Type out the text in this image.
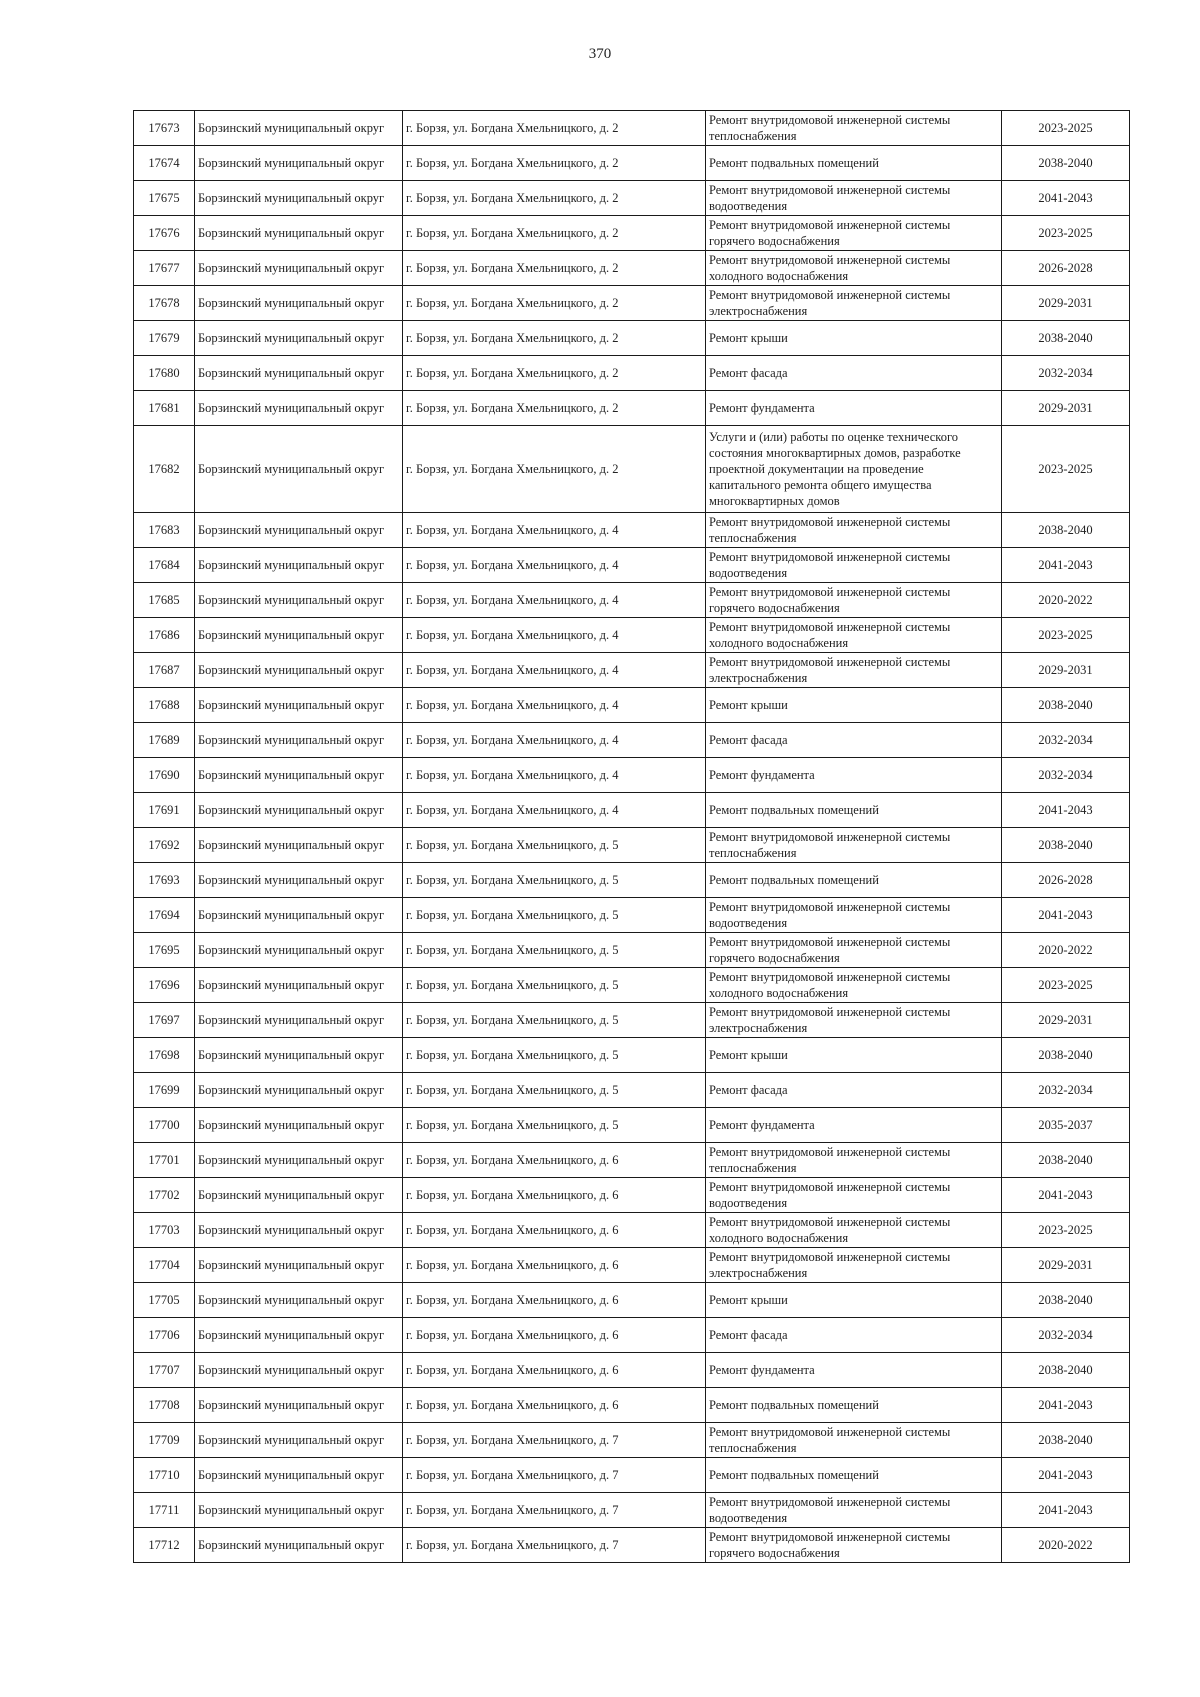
370
17673	Борзинский муниципальный округ	г. Борзя, ул. Богдана Хмельницкого, д. 2	Ремонт внутридомовой инженерной системы теплоснабжения	2023-2025
17674	Борзинский муниципальный округ	г. Борзя, ул. Богдана Хмельницкого, д. 2	Ремонт подвальных помещений	2038-2040
17675	Борзинский муниципальный округ	г. Борзя, ул. Богдана Хмельницкого, д. 2	Ремонт внутридомовой инженерной системы водоотведения	2041-2043
17676	Борзинский муниципальный округ	г. Борзя, ул. Богдана Хмельницкого, д. 2	Ремонт внутридомовой инженерной системы горячего водоснабжения	2023-2025
17677	Борзинский муниципальный округ	г. Борзя, ул. Богдана Хмельницкого, д. 2	Ремонт внутридомовой инженерной системы холодного водоснабжения	2026-2028
17678	Борзинский муниципальный округ	г. Борзя, ул. Богдана Хмельницкого, д. 2	Ремонт внутридомовой инженерной системы электроснабжения	2029-2031
17679	Борзинский муниципальный округ	г. Борзя, ул. Богдана Хмельницкого, д. 2	Ремонт крыши	2038-2040
17680	Борзинский муниципальный округ	г. Борзя, ул. Богдана Хмельницкого, д. 2	Ремонт фасада	2032-2034
17681	Борзинский муниципальный округ	г. Борзя, ул. Богдана Хмельницкого, д. 2	Ремонт фундамента	2029-2031
17682	Борзинский муниципальный округ	г. Борзя, ул. Богдана Хмельницкого, д. 2	Услуги и (или) работы по оценке технического состояния многоквартирных домов, разработке проектной документации на проведение капитального ремонта общего имущества многоквартирных домов	2023-2025
17683	Борзинский муниципальный округ	г. Борзя, ул. Богдана Хмельницкого, д. 4	Ремонт внутридомовой инженерной системы теплоснабжения	2038-2040
17684	Борзинский муниципальный округ	г. Борзя, ул. Богдана Хмельницкого, д. 4	Ремонт внутридомовой инженерной системы водоотведения	2041-2043
17685	Борзинский муниципальный округ	г. Борзя, ул. Богдана Хмельницкого, д. 4	Ремонт внутридомовой инженерной системы горячего водоснабжения	2020-2022
17686	Борзинский муниципальный округ	г. Борзя, ул. Богдана Хмельницкого, д. 4	Ремонт внутридомовой инженерной системы холодного водоснабжения	2023-2025
17687	Борзинский муниципальный округ	г. Борзя, ул. Богдана Хмельницкого, д. 4	Ремонт внутридомовой инженерной системы электроснабжения	2029-2031
17688	Борзинский муниципальный округ	г. Борзя, ул. Богдана Хмельницкого, д. 4	Ремонт крыши	2038-2040
17689	Борзинский муниципальный округ	г. Борзя, ул. Богдана Хмельницкого, д. 4	Ремонт фасада	2032-2034
17690	Борзинский муниципальный округ	г. Борзя, ул. Богдана Хмельницкого, д. 4	Ремонт фундамента	2032-2034
17691	Борзинский муниципальный округ	г. Борзя, ул. Богдана Хмельницкого, д. 4	Ремонт подвальных помещений	2041-2043
17692	Борзинский муниципальный округ	г. Борзя, ул. Богдана Хмельницкого, д. 5	Ремонт внутридомовой инженерной системы теплоснабжения	2038-2040
17693	Борзинский муниципальный округ	г. Борзя, ул. Богдана Хмельницкого, д. 5	Ремонт подвальных помещений	2026-2028
17694	Борзинский муниципальный округ	г. Борзя, ул. Богдана Хмельницкого, д. 5	Ремонт внутридомовой инженерной системы водоотведения	2041-2043
17695	Борзинский муниципальный округ	г. Борзя, ул. Богдана Хмельницкого, д. 5	Ремонт внутридомовой инженерной системы горячего водоснабжения	2020-2022
17696	Борзинский муниципальный округ	г. Борзя, ул. Богдана Хмельницкого, д. 5	Ремонт внутридомовой инженерной системы холодного водоснабжения	2023-2025
17697	Борзинский муниципальный округ	г. Борзя, ул. Богдана Хмельницкого, д. 5	Ремонт внутридомовой инженерной системы электроснабжения	2029-2031
17698	Борзинский муниципальный округ	г. Борзя, ул. Богдана Хмельницкого, д. 5	Ремонт крыши	2038-2040
17699	Борзинский муниципальный округ	г. Борзя, ул. Богдана Хмельницкого, д. 5	Ремонт фасада	2032-2034
17700	Борзинский муниципальный округ	г. Борзя, ул. Богдана Хмельницкого, д. 5	Ремонт фундамента	2035-2037
17701	Борзинский муниципальный округ	г. Борзя, ул. Богдана Хмельницкого, д. 6	Ремонт внутридомовой инженерной системы теплоснабжения	2038-2040
17702	Борзинский муниципальный округ	г. Борзя, ул. Богдана Хмельницкого, д. 6	Ремонт внутридомовой инженерной системы водоотведения	2041-2043
17703	Борзинский муниципальный округ	г. Борзя, ул. Богдана Хмельницкого, д. 6	Ремонт внутридомовой инженерной системы холодного водоснабжения	2023-2025
17704	Борзинский муниципальный округ	г. Борзя, ул. Богдана Хмельницкого, д. 6	Ремонт внутридомовой инженерной системы электроснабжения	2029-2031
17705	Борзинский муниципальный округ	г. Борзя, ул. Богдана Хмельницкого, д. 6	Ремонт крыши	2038-2040
17706	Борзинский муниципальный округ	г. Борзя, ул. Богдана Хмельницкого, д. 6	Ремонт фасада	2032-2034
17707	Борзинский муниципальный округ	г. Борзя, ул. Богдана Хмельницкого, д. 6	Ремонт фундамента	2038-2040
17708	Борзинский муниципальный округ	г. Борзя, ул. Богдана Хмельницкого, д. 6	Ремонт подвальных помещений	2041-2043
17709	Борзинский муниципальный округ	г. Борзя, ул. Богдана Хмельницкого, д. 7	Ремонт внутридомовой инженерной системы теплоснабжения	2038-2040
17710	Борзинский муниципальный округ	г. Борзя, ул. Богдана Хмельницкого, д. 7	Ремонт подвальных помещений	2041-2043
17711	Борзинский муниципальный округ	г. Борзя, ул. Богдана Хмельницкого, д. 7	Ремонт внутридомовой инженерной системы водоотведения	2041-2043
17712	Борзинский муниципальный округ	г. Борзя, ул. Богдана Хмельницкого, д. 7	Ремонт внутридомовой инженерной системы горячего водоснабжения	2020-2022
